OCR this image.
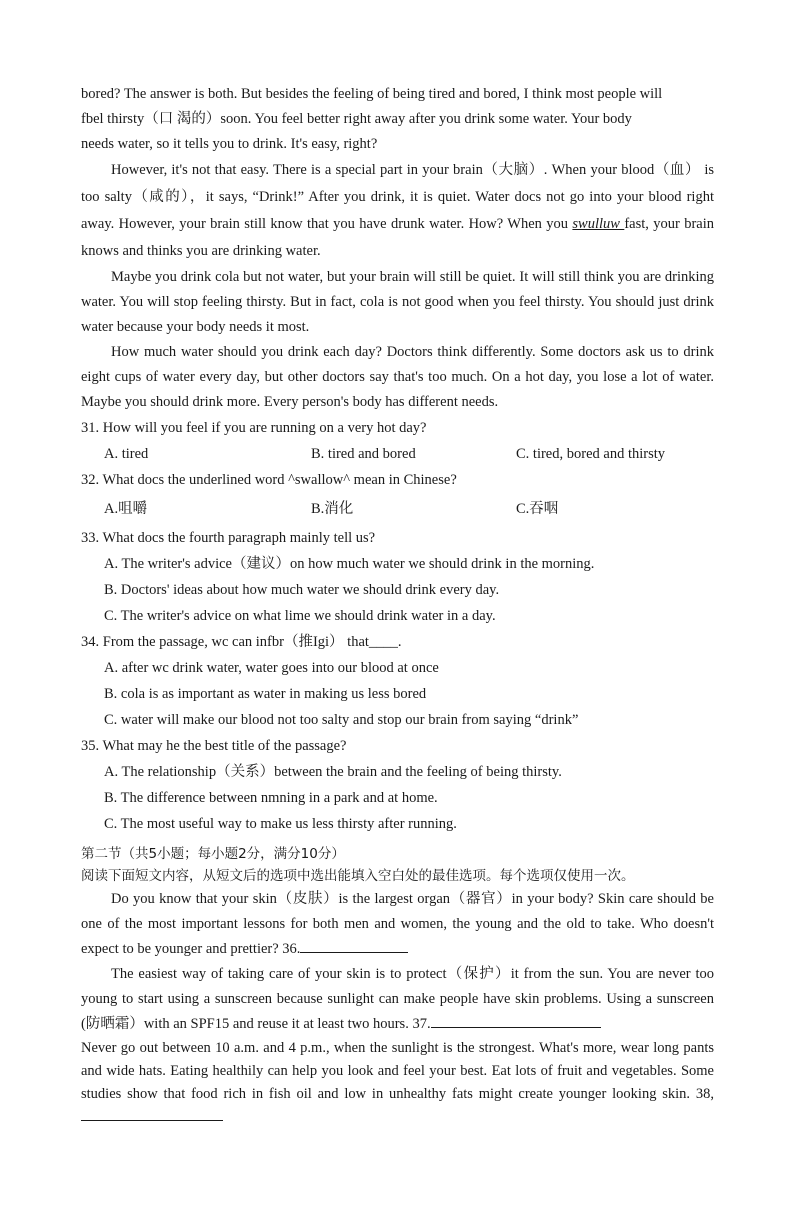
bored? The answer is both. But besides the feeling of being tired and bored, I think most people will

fbel thirsty（口 渴的）soon. You feel better right away after you drink some water. Your body

needs water, so it tells you to drink. It's easy, right?

However, it's not that easy. There is a special part in your brain（大脑）. When your blood（血） is too salty（咸的），it says, “Drink!” After you drink, it is quiet. Water docs not go into your blood right away. However, your brain still know that you have drunk water. How? When you swulluw fast, your brain knows and thinks you are drinking water.

Maybe you drink cola but not water, but your brain will still be quiet. It will still think you are drinking water. You will stop feeling thirsty. But in fact, cola is not good when you feel thirsty. You should just drink water because your body needs it most.

How much water should you drink each day? Doctors think differently. Some doctors ask us to drink eight cups of water every day, but other doctors say that's too much. On a hot day, you lose a lot of water. Maybe you should drink more. Every person's body has different needs.

31. How will you feel if you are running on a very hot day?
A. tired	B. tired and bored	C. tired, bored and thirsty
32. What docs the underlined word ^swallow^ mean in Chinese?
A.咀嚼	B.消化	C.吞咽
33. What docs the fourth paragraph mainly tell us?
A. The writer's advice（建议）on how much water we should drink in the morning.
B. Doctors' ideas about how much water we should drink every day.
C. The writer's advice on what lime we should drink water in a day.
34. From the passage, wc can infbr（推Igi） that____.
A. after wc drink water, water goes into our blood at once
B. cola is as important as water in making us less bored
C. water will make our blood not too salty and stop our brain from saying “drink”
35. What may he the best title of the passage?
A. The relationship（关系）between the brain and the feeling of being thirsty.
B. The difference between nmning in a park and at home.
C. The most useful way to make us less thirsty after running.
第二节（共5小题；每小题2分，满分10分）
阅读下面短文内容，从短文后的选项中选出能填入空白处的最佳选项。每个选项仅使用一次。

Do you know that your skin（皮肤）is the largest organ（器官）in your body? Skin care should be one of the most important lessons for both men and women, the young and the old to take. Who doesn't expect to be younger and prettier? 36.

The easiest way of taking care of your skin is to protect（保护）it from the sun. You are never too young to start using a sunscreen because sunlight can make people have skin problems. Using a sunscreen (防晒霜）with an SPF15 and reuse it at least two hours. 37.

Never go out between 10 a.m. and 4 p.m., when the sunlight is the strongest. What's more, wear long pants and wide hats. Eating healthily can help you look and feel your best. Eat lots of fruit and vegetables. Some studies show that food rich in fish oil and low in unhealthy fats might create younger looking skin. 38,
